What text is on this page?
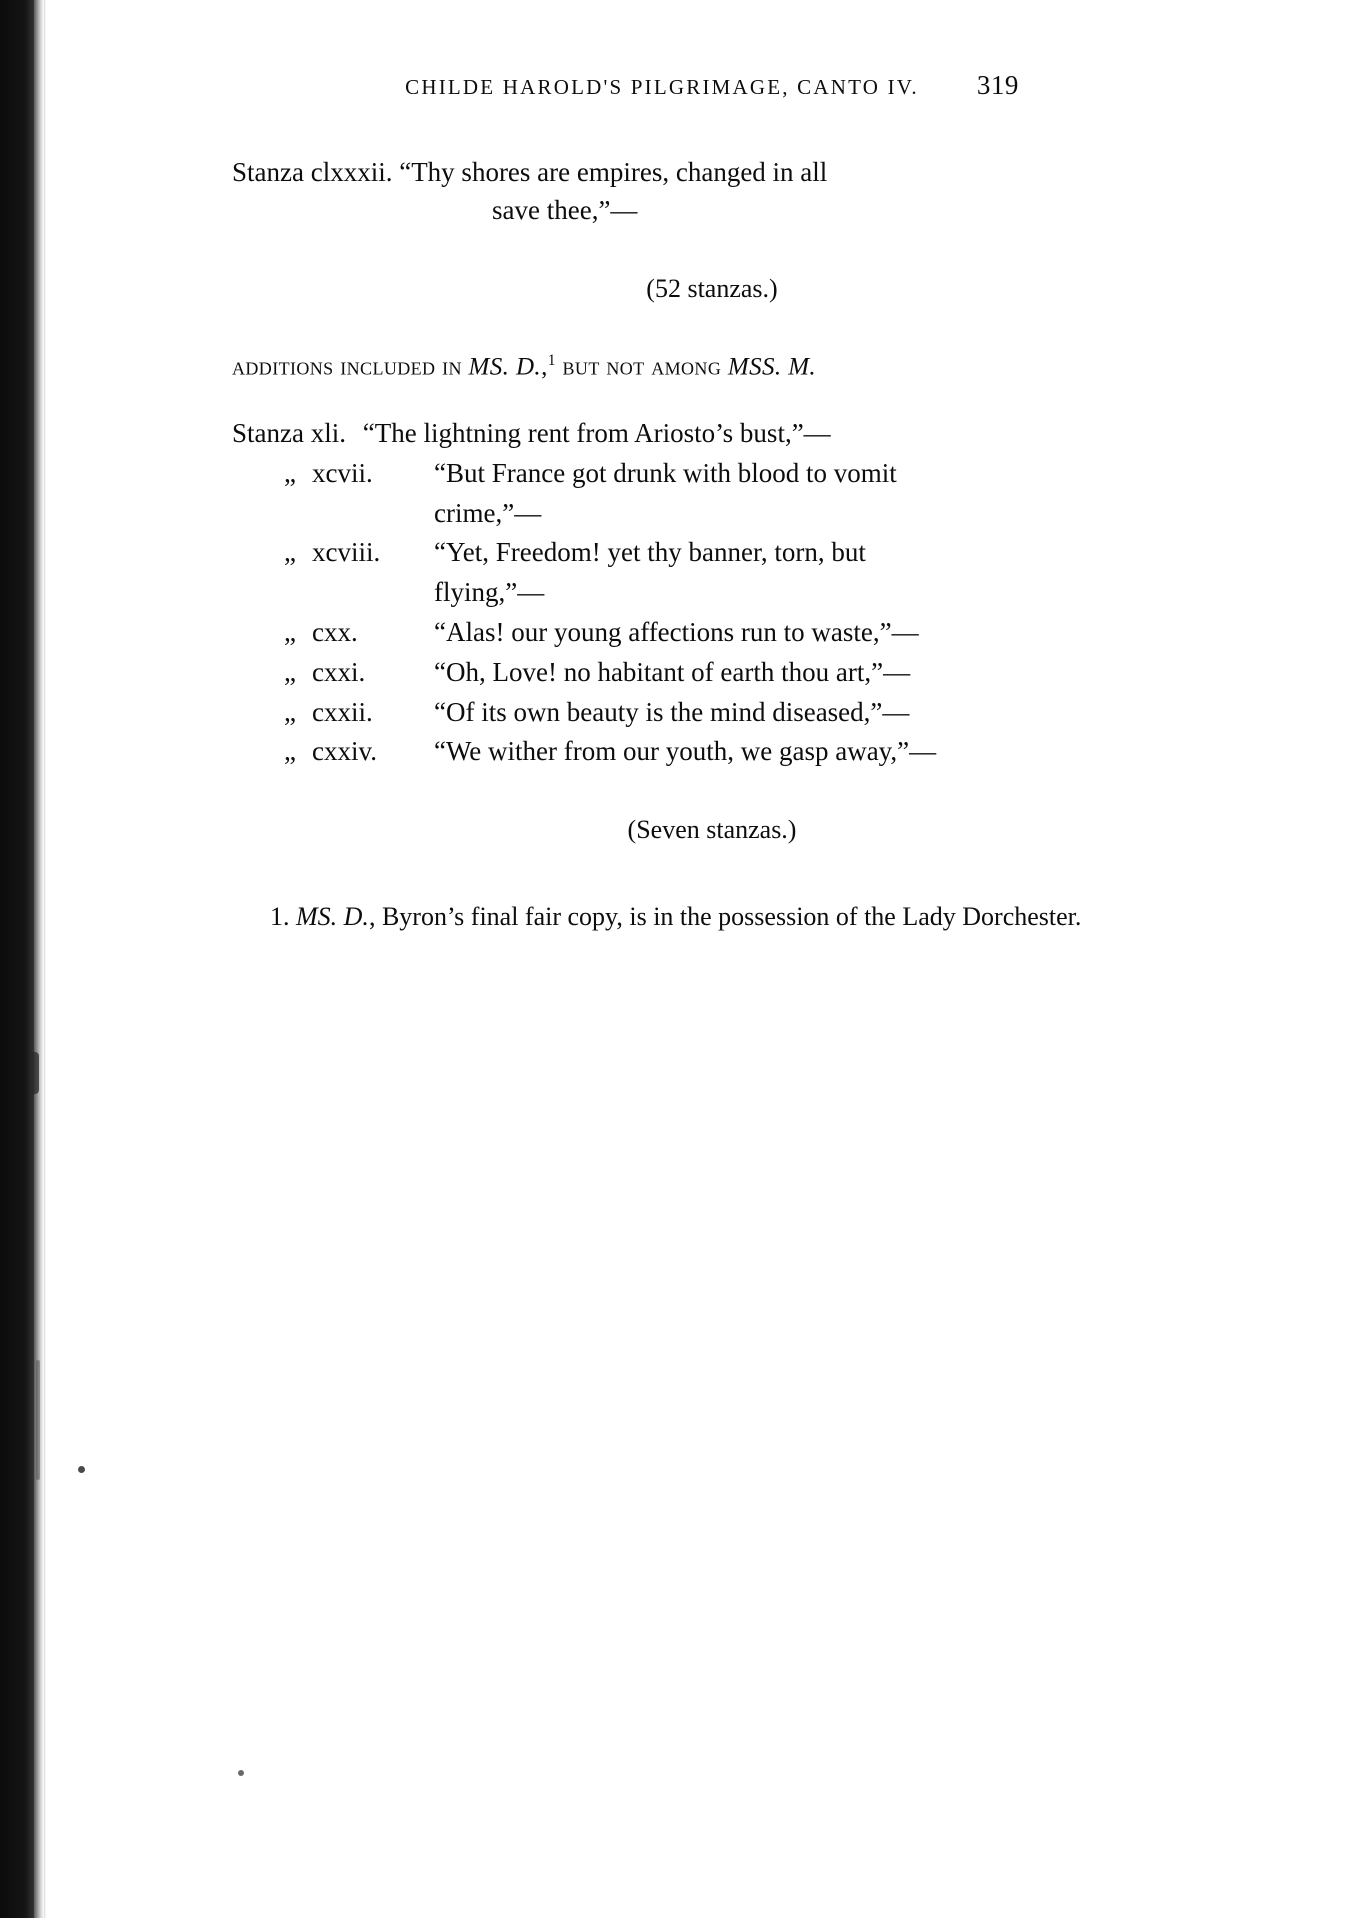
CHILDE HAROLD'S PILGRIMAGE, CANTO IV. 319
Stanza clxxxii. “Thy shores are empires, changed in all
save thee,”—
(52 stanzas.)
additions included in MS. D.,$^1$ but not among MSS. M.
Stanza xli. “The lightning rent from Ariosto’s bust,”—
„ xcvii.	“But France got drunk with blood to vomit
crime,”—
„ xcviii.	“Yet, Freedom! yet thy banner, torn, but
flying,”—
„ cxx.	“Alas! our young affections run to waste,”—
„ cxxi.	“Oh, Love! no habitant of earth thou art,”—
„ cxxii.	“Of its own beauty is the mind diseased,”—
„ cxxiv.	“We wither from our youth, we gasp away,”—
(Seven stanzas.)
1. MS. D., Byron’s final fair copy, is in the possession of the Lady Dorchester.
